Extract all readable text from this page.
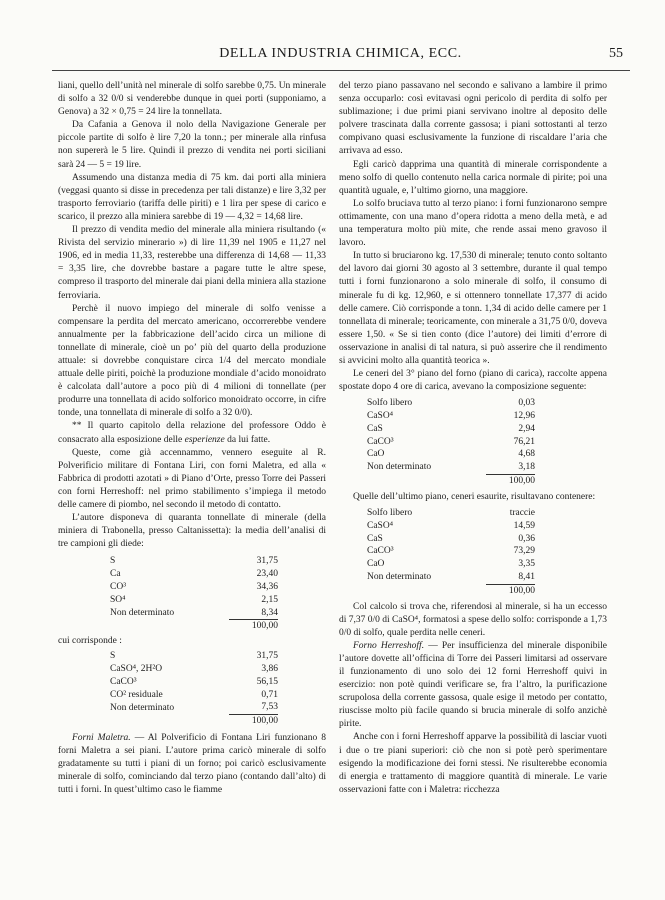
DELLA INDUSTRIA CHIMICA, ECC.	55

liani, quello dell’unità nel minerale di solfo sarebbe 0,75. Un minerale di solfo a 32 0/0 si venderebbe dunque in quei porti (supponiamo, a Genova) a 32 × 0,75 = 24 lire la tonnellata.

Da Cafania a Genova il nolo della Navigazione Generale per piccole partite di solfo è lire 7,20 la tonn.; per minerale alla rinfusa non supererà le 5 lire. Quindi il prezzo di vendita nei porti siciliani sarà 24 — 5 = 19 lire.

Assumendo una distanza media di 75 km. dai porti alla miniera (veggasi quanto si disse in precedenza per tali distanze) e lire 3,32 per trasporto ferroviario (tariffa delle piriti) e 1 lira per spese di carico e scarico, il prezzo alla miniera sarebbe di 19 — 4,32 = 14,68 lire.

Il prezzo di vendita medio del minerale alla miniera risultando (« Rivista del servizio minerario ») di lire 11,39 nel 1905 e 11,27 nel 1906, ed in media 11,33, resterebbe una differenza di 14,68 — 11,33 = 3,35 lire, che dovrebbe bastare a pagare tutte le altre spese, compreso il trasporto del minerale dai piani della miniera alla stazione ferroviaria.

Perchè il nuovo impiego del minerale di solfo venisse a compensare la perdita del mercato americano, occorrerebbe vendere annualmente per la fabbricazione dell’acido circa un milione di tonnellate di minerale, cioè un po’ più del quarto della produzione attuale: si dovrebbe conquistare circa 1/4 del mercato mondiale attuale delle piriti, poichè la produzione mondiale d’acido monoidrato è calcolata dall’autore a poco più di 4 milioni di tonnellate (per produrre una tonnellata di acido solforico monoidrato occorre, in cifre tonde, una tonnellata di minerale di solfo a 32 0/0).

** Il quarto capitolo della relazione del professore Oddo è consacrato alla esposizione delle esperienze da lui fatte.

Queste, come già accennammo, vennero eseguite al R. Polverificio militare di Fontana Liri, con forni Maletra, ed alla « Fabbrica di prodotti azotati » di Piano d’Orte, presso Torre dei Passeri con forni Herreshoff: nel primo stabilimento s’impiega il metodo delle camere di piombo, nel secondo il metodo di contatto.

L’autore disponeva di quaranta tonnellate di minerale (della miniera di Trabonella, presso Caltanissetta): la media dell’analisi di tre campioni gli diede:

S	31,75
Ca	23,40
CO³	34,36
SO⁴	2,15
Non determinato	8,34
	100,00

cui corrisponde :

S	31,75
CaSO⁴, 2H²O	3,86
CaCO³	56,15
CO² residuale	0,71
Non determinato	7,53
	100,00

Forni Maletra. — Al Polverificio di Fontana Liri funzionano 8 forni Maletra a sei piani. L’autore prima caricò minerale di solfo gradatamente su tutti i piani di un forno; poi caricò esclusivamente minerale di solfo, cominciando dal terzo piano (contando dall’alto) di tutti i forni. In quest’ultimo caso le fiamme

del terzo piano passavano nel secondo e salivano a lambire il primo senza occuparlo: così evitavasi ogni pericolo di perdita di solfo per sublimazione; i due primi piani servivano inoltre al deposito delle polvere trascinata dalla corrente gassosa; i piani sottostanti al terzo compivano quasi esclusivamente la funzione di riscaldare l’aria che arrivava ad esso.

Egli caricò dapprima una quantità di minerale corrispondente a meno solfo di quello contenuto nella carica normale di pirite; poi una quantità uguale, e, l’ultimo giorno, una maggiore.

Lo solfo bruciava tutto al terzo piano: i forni funzionarono sempre ottimamente, con una mano d’opera ridotta a meno della metà, e ad una temperatura molto più mite, che rende assai meno gravoso il lavoro.

In tutto si bruciarono kg. 17,530 di minerale; tenuto conto soltanto del lavoro dai giorni 30 agosto al 3 settembre, durante il qual tempo tutti i forni funzionarono a solo minerale di solfo, il consumo di minerale fu di kg. 12,960, e si ottennero tonnellate 17,377 di acido delle camere. Ciò corrisponde a tonn. 1,34 di acido delle camere per 1 tonnellata di minerale; teoricamente, con minerale a 31,75 0/0, doveva essere 1,50. « Se si tien conto (dice l’autore) dei limiti d’errore di osservazione in analisi di tal natura, si può asserire che il rendimento si avvicini molto alla quantità teorica ».

Le ceneri del 3° piano del forno (piano di carica), raccolte appena spostate dopo 4 ore di carica, avevano la composizione seguente:

Solfo libero	0,03
CaSO⁴	12,96
CaS	2,94
CaCO³	76,21
CaO	4,68
Non determinato	3,18
	100,00

Quelle dell’ultimo piano, ceneri esaurite, risultavano contenere:

Solfo libero	traccie
CaSO⁴	14,59
CaS	0,36
CaCO³	73,29
CaO	3,35
Non determinato	8,41
	100,00

Col calcolo si trova che, riferendosi al minerale, si ha un eccesso di 7,37 0/0 di CaSO⁴, formatosi a spese dello solfo: corrisponde a 1,73 0/0 di solfo, quale perdita nelle ceneri.

Forno Herreshoff. — Per insufficienza del minerale disponibile l’autore dovette all’officina di Torre dei Passeri limitarsi ad osservare il funzionamento di uno solo dei 12 forni Herreshoff quivi in esercizio: non potè quindi verificare se, fra l’altro, la purificazione scrupolosa della corrente gassosa, quale esige il metodo per contatto, riuscisse molto più facile quando si brucia minerale di solfo anzichè pirite.

Anche con i forni Herreshoff apparve la possibilità di lasciar vuoti i due o tre piani superiori: ciò che non si potè però sperimentare esigendo la modificazione dei forni stessi. Ne risulterebbe economia di energia e trattamento di maggiore quantità di minerale. Le varie osservazioni fatte con i Maletra: ricchezza
